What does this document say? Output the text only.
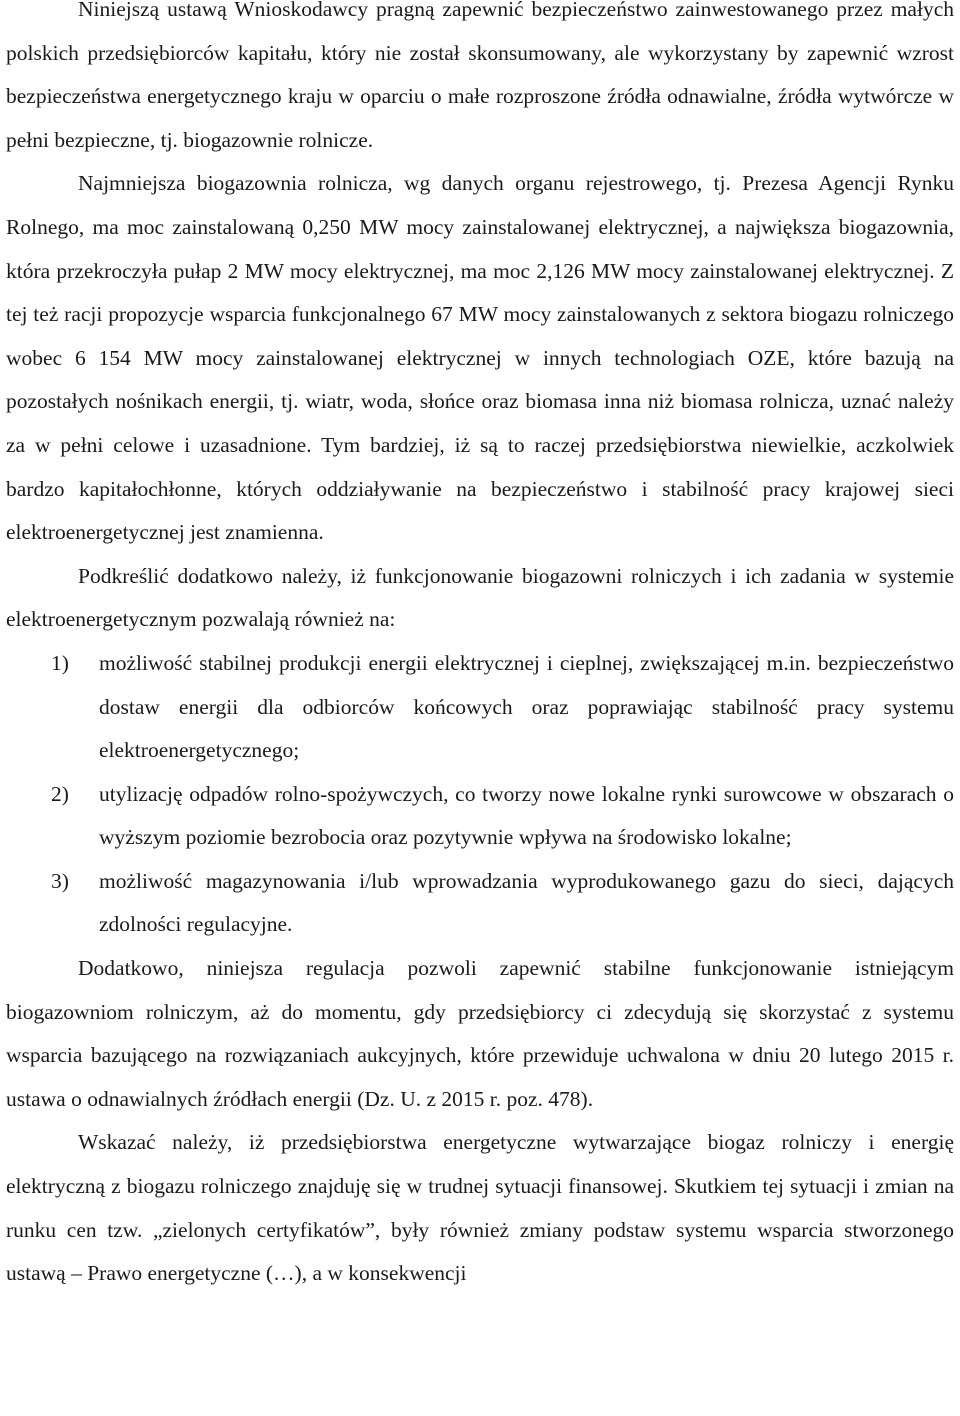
Niniejszą ustawą Wnioskodawcy pragną zapewnić bezpieczeństwo zainwestowanego przez małych polskich przedsiębiorców kapitału, który nie został skonsumowany, ale wykorzystany by zapewnić wzrost bezpieczeństwa energetycznego kraju w oparciu o małe rozproszone źródła odnawialne, źródła wytwórcze w pełni bezpieczne, tj. biogazownie rolnicze.

Najmniejsza biogazownia rolnicza, wg danych organu rejestrowego, tj. Prezesa Agencji Rynku Rolnego, ma moc zainstalowaną 0,250 MW mocy zainstalowanej elektrycznej, a największa biogazownia, która przekroczyła pułap 2 MW mocy elektrycznej, ma moc 2,126 MW mocy zainstalowanej elektrycznej. Z tej też racji propozycje wsparcia funkcjonalnego 67 MW mocy zainstalowanych z sektora biogazu rolniczego wobec 6 154 MW mocy zainstalowanej elektrycznej w innych technologiach OZE, które bazują na pozostałych nośnikach energii, tj. wiatr, woda, słońce oraz biomasa inna niż biomasa rolnicza, uznać należy za w pełni celowe i uzasadnione. Tym bardziej, iż są to raczej przedsiębiorstwa niewielkie, aczkolwiek bardzo kapitałochłonne, których oddziaływanie na bezpieczeństwo i stabilność pracy krajowej sieci elektroenergetycznej jest znamienna.

Podkreślić dodatkowo należy, iż funkcjonowanie biogazowni rolniczych i ich zadania w systemie elektroenergetycznym pozwalają również na:

1) możliwość stabilnej produkcji energii elektrycznej i cieplnej, zwiększającej m.in. bezpieczeństwo dostaw energii dla odbiorców końcowych oraz poprawiając stabilność pracy systemu elektroenergetycznego;
2) utylizację odpadów rolno-spożywczych, co tworzy nowe lokalne rynki surowcowe w obszarach o wyższym poziomie bezrobocia oraz pozytywnie wpływa na środowisko lokalne;
3) możliwość magazynowania i/lub wprowadzania wyprodukowanego gazu do sieci, dających zdolności regulacyjne.

Dodatkowo, niniejsza regulacja pozwoli zapewnić stabilne funkcjonowanie istniejącym biogazowniom rolniczym, aż do momentu, gdy przedsiębiorcy ci zdecydują się skorzystać z systemu wsparcia bazującego na rozwiązaniach aukcyjnych, które przewiduje uchwalona w dniu 20 lutego 2015 r. ustawa o odnawialnych źródłach energii (Dz. U. z 2015 r. poz. 478).

Wskazać należy, iż przedsiębiorstwa energetyczne wytwarzające biogaz rolniczy i energię elektryczną z biogazu rolniczego znajduję się w trudnej sytuacji finansowej. Skutkiem tej sytuacji i zmian na runku cen tzw. „zielonych certyfikatów”, były również zmiany podstaw systemu wsparcia stworzonego ustawą – Prawo energetyczne (…), a w konsekwencji
